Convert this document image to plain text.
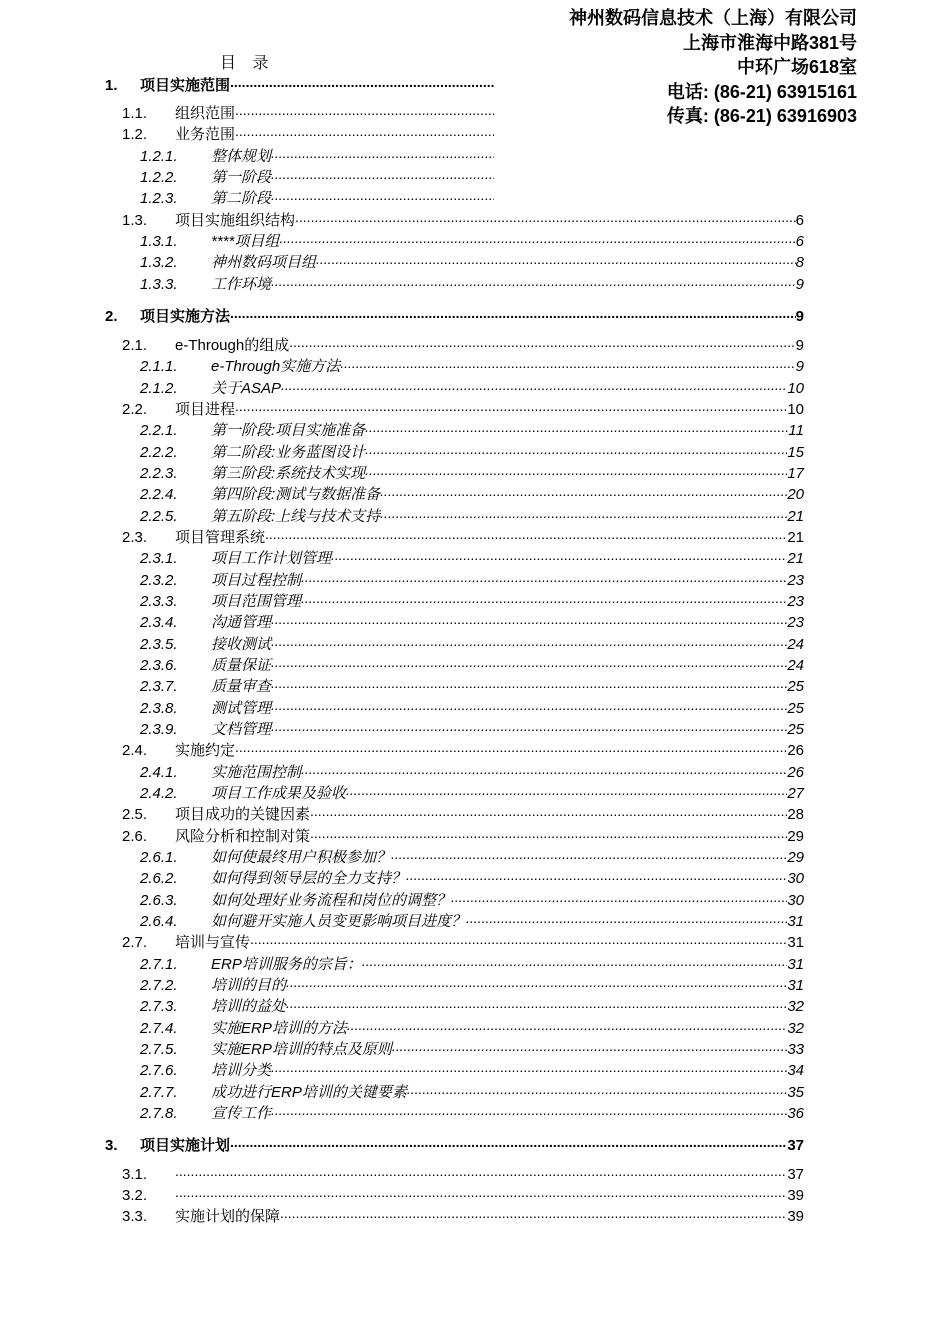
神州数码信息技术（上海）有限公司
上海市淮海中路381号
中环广场618室
电话: (86-21) 63915161
传真: (86-21) 63916903
目 录
1.	项目实施范围
.....
1.1.	组织范围
.....
1.2.	业务范围
.....
1.2.1.	整体规划
.....
1.2.2.	第一阶段
.....
1.2.3.	第二阶段
.....
1.3.	项目实施组织结构 .....	6
1.3.1.	****项目组 .....	6
1.3.2.	神州数码项目组 .....	8
1.3.3.	工作环境 .....	9
2.	项目实施方法 .....	9
2.1.	e-Through的组成 .....	9
2.1.1.	e-Through实施方法 .....	9
2.1.2.	关于ASAP .....	10
2.2.	项目进程 .....	10
2.2.1.	第一阶段:项目实施准备 .....	11
2.2.2.	第二阶段:业务蓝图设计 .....	15
2.2.3.	第三阶段:系统技术实现 .....	17
2.2.4.	第四阶段:测试与数据准备 .....	20
2.2.5.	第五阶段:上线与技术支持 .....	21
2.3.	项目管理系统 .....	21
2.3.1.	项目工作计划管理 .....	21
2.3.2.	项目过程控制 .....	23
2.3.3.	项目范围管理 .....	23
2.3.4.	沟通管理 .....	23
2.3.5.	接收测试 .....	24
2.3.6.	质量保证 .....	24
2.3.7.	质量审查 .....	25
2.3.8.	测试管理 .....	25
2.3.9.	文档管理 .....	25
2.4.	实施约定 .....	26
2.4.1.	实施范围控制 .....	26
2.4.2.	项目工作成果及验收 .....	27
2.5.	项目成功的关键因素 .....	28
2.6.	风险分析和控制对策 .....	29
2.6.1.	如何使最终用户积极参加？ .....	29
2.6.2.	如何得到领导层的全力支持？ .....	30
2.6.3.	如何处理好业务流程和岗位的调整？ .....	30
2.6.4.	如何避开实施人员变更影响项目进度？ .....	31
2.7.	培训与宣传 .....	31
2.7.1.	ERP培训服务的宗旨： .....	31
2.7.2.	培训的目的 .....	31
2.7.3.	培训的益处 .....	32
2.7.4.	实施ERP培训的方法 .....	32
2.7.5.	实施ERP培训的特点及原则 .....	33
2.7.6.	培训分类 .....	34
2.7.7.	成功进行ERP培训的关键要素 .....	35
2.7.8.	宣传工作 .....	36
3.	项目实施计划 .....	37
3.1. .....	37
3.2. .....	39
3.3.	实施计划的保障 .....	39
